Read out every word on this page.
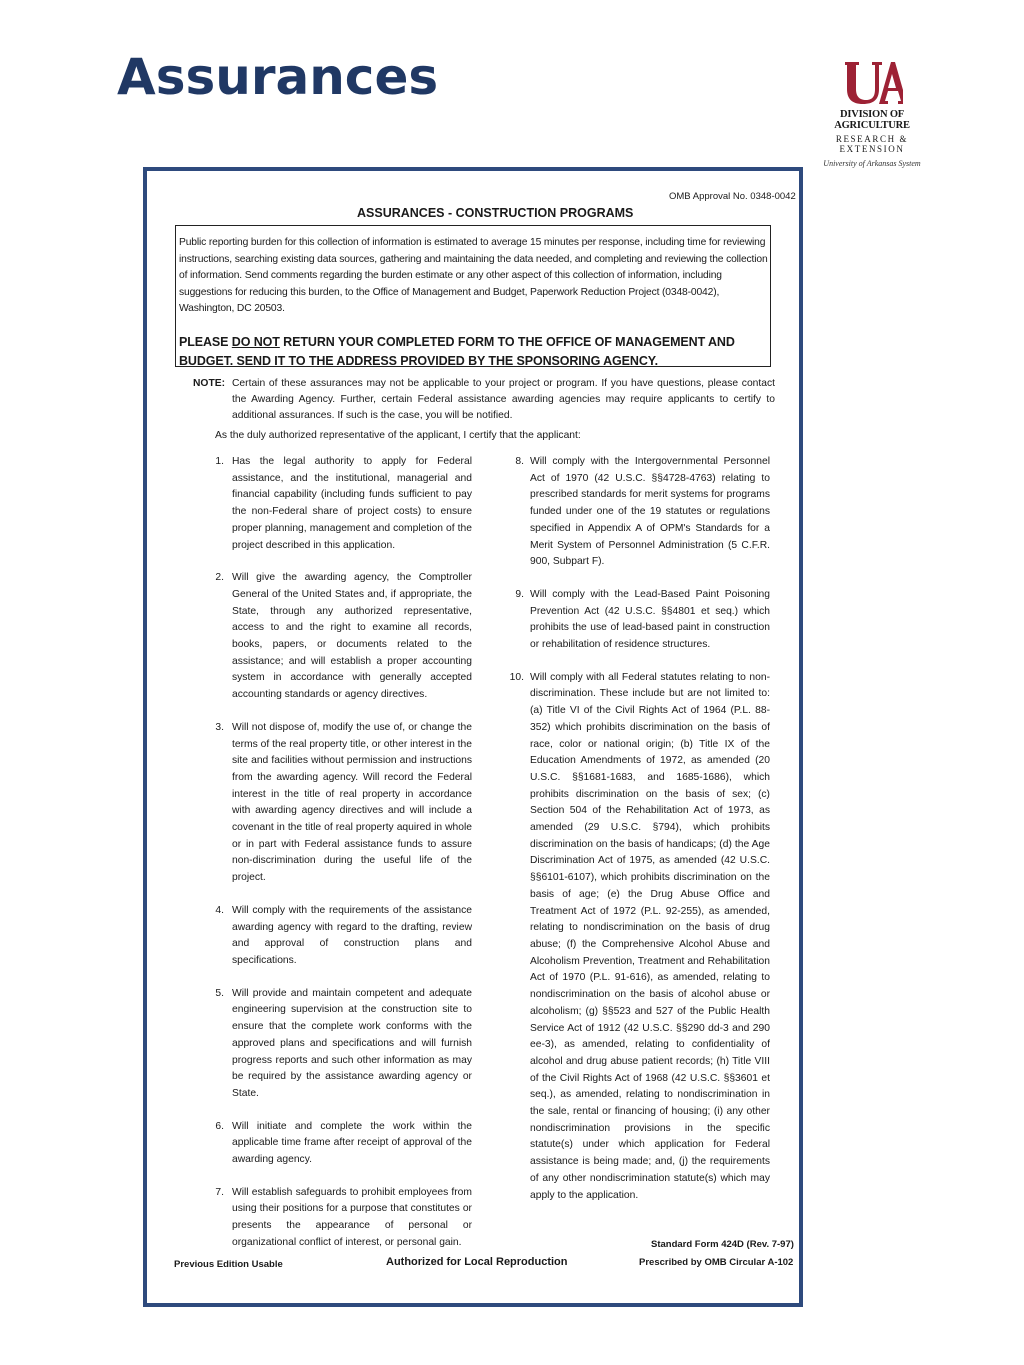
Assurances
DIVISION OF AGRICULTURE
RESEARCH & EXTENSION
University of Arkansas System
OMB Approval No. 0348-0042
ASSURANCES - CONSTRUCTION PROGRAMS
Public reporting burden for this collection of information is estimated to average 15 minutes per response, including time for reviewing instructions, searching existing data sources, gathering and maintaining the data needed, and completing and reviewing the collection of information. Send comments regarding the burden estimate or any other aspect of this collection of information, including suggestions for reducing this burden, to the Office of Management and Budget, Paperwork Reduction Project (0348-0042), Washington, DC 20503.
PLEASE DO NOT RETURN YOUR COMPLETED FORM TO THE OFFICE OF MANAGEMENT AND BUDGET. SEND IT TO THE ADDRESS PROVIDED BY THE SPONSORING AGENCY.
NOTE: Certain of these assurances may not be applicable to your project or program. If you have questions, please contact the Awarding Agency. Further, certain Federal assistance awarding agencies may require applicants to certify to additional assurances. If such is the case, you will be notified.
As the duly authorized representative of the applicant, I certify that the applicant:
1. Has the legal authority to apply for Federal assistance, and the institutional, managerial and financial capability (including funds sufficient to pay the non-Federal share of project costs) to ensure proper planning, management and completion of the project described in this application.
2. Will give the awarding agency, the Comptroller General of the United States and, if appropriate, the State, through any authorized representative, access to and the right to examine all records, books, papers, or documents related to the assistance; and will establish a proper accounting system in accordance with generally accepted accounting standards or agency directives.
3. Will not dispose of, modify the use of, or change the terms of the real property title, or other interest in the site and facilities without permission and instructions from the awarding agency. Will record the Federal interest in the title of real property in accordance with awarding agency directives and will include a covenant in the title of real property aquired in whole or in part with Federal assistance funds to assure non-discrimination during the useful life of the project.
4. Will comply with the requirements of the assistance awarding agency with regard to the drafting, review and approval of construction plans and specifications.
5. Will provide and maintain competent and adequate engineering supervision at the construction site to ensure that the complete work conforms with the approved plans and specifications and will furnish progress reports and such other information as may be required by the assistance awarding agency or State.
6. Will initiate and complete the work within the applicable time frame after receipt of approval of the awarding agency.
7. Will establish safeguards to prohibit employees from using their positions for a purpose that constitutes or presents the appearance of personal or organizational conflict of interest, or personal gain.
8. Will comply with the Intergovernmental Personnel Act of 1970 (42 U.S.C. §§4728-4763) relating to prescribed standards for merit systems for programs funded under one of the 19 statutes or regulations specified in Appendix A of OPM's Standards for a Merit System of Personnel Administration (5 C.F.R. 900, Subpart F).
9. Will comply with the Lead-Based Paint Poisoning Prevention Act (42 U.S.C. §§4801 et seq.) which prohibits the use of lead-based paint in construction or rehabilitation of residence structures.
10. Will comply with all Federal statutes relating to non-discrimination. These include but are not limited to: (a) Title VI of the Civil Rights Act of 1964 (P.L. 88-352) which prohibits discrimination on the basis of race, color or national origin; (b) Title IX of the Education Amendments of 1972, as amended (20 U.S.C. §§1681-1683, and 1685-1686), which prohibits discrimination on the basis of sex; (c) Section 504 of the Rehabilitation Act of 1973, as amended (29 U.S.C. §794), which prohibits discrimination on the basis of handicaps; (d) the Age Discrimination Act of 1975, as amended (42 U.S.C. §§6101-6107), which prohibits discrimination on the basis of age; (e) the Drug Abuse Office and Treatment Act of 1972 (P.L. 92-255), as amended, relating to nondiscrimination on the basis of drug abuse; (f) the Comprehensive Alcohol Abuse and Alcoholism Prevention, Treatment and Rehabilitation Act of 1970 (P.L. 91-616), as amended, relating to nondiscrimination on the basis of alcohol abuse or alcoholism; (g) §§523 and 527 of the Public Health Service Act of 1912 (42 U.S.C. §§290 dd-3 and 290 ee-3), as amended, relating to confidentiality of alcohol and drug abuse patient records; (h) Title VIII of the Civil Rights Act of 1968 (42 U.S.C. §§3601 et seq.), as amended, relating to nondiscrimination in the sale, rental or financing of housing; (i) any other nondiscrimination provisions in the specific statute(s) under which application for Federal assistance is being made; and, (j) the requirements of any other nondiscrimination statute(s) which may apply to the application.
Previous Edition Usable	Authorized for Local Reproduction
Standard Form 424D (Rev. 7-97)
Prescribed by OMB Circular A-102
